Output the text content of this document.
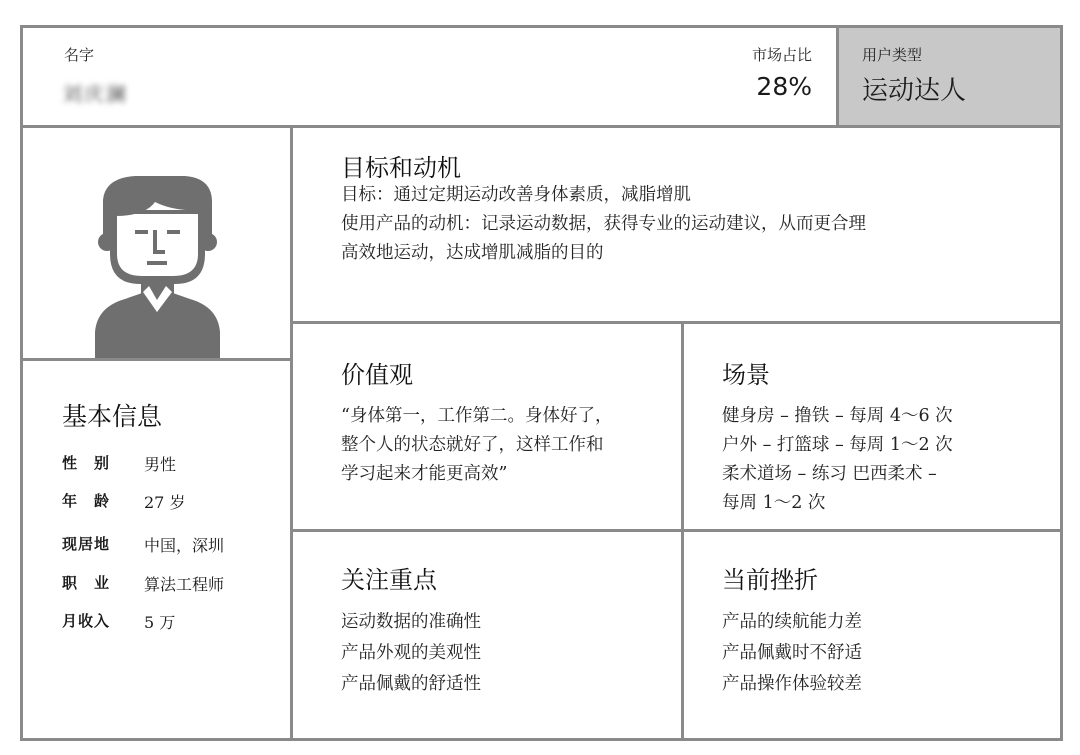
名字
刘庆澜
市场占比
28%
用户类型
运动达人
基本信息
性　别	男性
年　龄	27 岁
现居地	中国，深圳
职　业	算法工程师
月收入	5 万
目标和动机
目标：通过定期运动改善身体素质，减脂增肌
使用产品的动机：记录运动数据，获得专业的运动建议，从而更合理
高效地运动，达成增肌减脂的目的
价值观
“身体第一，工作第二。身体好了，
整个人的状态就好了，这样工作和
学习起来才能更高效”
场景
健身房 – 撸铁 – 每周 4～6 次
户外 – 打篮球 – 每周 1～2 次
柔术道场 – 练习 巴西柔术 –
每周 1～2 次
关注重点
运动数据的准确性
产品外观的美观性
产品佩戴的舒适性
当前挫折
产品的续航能力差
产品佩戴时不舒适
产品操作体验较差
